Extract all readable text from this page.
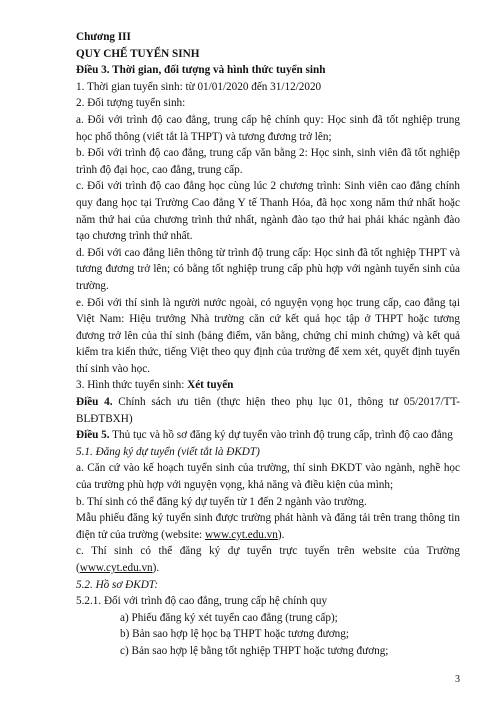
Chương III

QUY CHẾ TUYỂN SINH

Điều 3. Thời gian, đối tượng và hình thức tuyển sinh

1. Thời gian tuyển sinh: từ 01/01/2020 đến 31/12/2020

2. Đối tượng tuyển sinh:

a. Đối với trình độ cao đẳng, trung cấp hệ chính quy: Học sinh đã tốt nghiệp trung học phổ thông (viết tắt là THPT) và tương đương trở lên;

b. Đối với trình độ cao đẳng, trung cấp văn bằng 2: Học sinh, sinh viên đã tốt nghiệp trình độ đại học, cao đẳng, trung cấp.

c. Đối với trình độ cao đẳng học cùng lúc 2 chương trình: Sinh viên cao đẳng chính quy đang học tại Trường Cao đẳng Y tế Thanh Hóa, đã học xong năm thứ nhất hoặc năm thứ hai của chương trình thứ nhất, ngành đào tạo thứ hai phải khác ngành đào tạo chương trình thứ nhất.

d. Đối với cao đẳng liên thông từ trình độ trung cấp: Học sinh đã tốt nghiệp THPT và tương đương trở lên; có bằng tốt nghiệp trung cấp phù hợp với ngành tuyển sinh của trường.

e. Đối với thí sinh là người nước ngoài, có nguyện vọng học trung cấp, cao đẳng tại Việt Nam: Hiệu trưởng Nhà trường căn cứ kết quả học tập ở THPT hoặc tương đương trở lên của thí sinh (bảng điểm, văn bằng, chứng chỉ minh chứng) và kết quả kiểm tra kiến thức, tiếng Việt theo quy định của trường để xem xét, quyết định tuyển thí sinh vào học.

3. Hình thức tuyển sinh: Xét tuyển

Điều 4. Chính sách ưu tiên (thực hiện theo phụ lục 01, thông tư 05/2017/TT-BLĐTBXH)

Điều 5. Thủ tục và hồ sơ đăng ký dự tuyển vào trình độ trung cấp, trình độ cao đẳng

5.1. Đăng ký dự tuyển (viết tắt là ĐKDT)

a. Căn cứ vào kế hoạch tuyển sinh của trường, thí sinh ĐKDT vào ngành, nghề học của trường phù hợp với nguyện vọng, khả năng và điều kiện của mình;

b. Thí sinh có thể đăng ký dự tuyển từ 1 đến 2 ngành vào trường.

Mẫu phiếu đăng ký tuyển sinh được trường phát hành và đăng tải trên trang thông tin điện tử của trường (website: www.cyt.edu.vn).

c. Thí sinh có thể đăng ký dự tuyển trực tuyến trên website của Trường (www.cyt.edu.vn).

5.2. Hồ sơ ĐKDT:

5.2.1. Đối với trình độ cao đẳng, trung cấp hệ chính quy

a) Phiếu đăng ký xét tuyển cao đẳng (trung cấp);

b) Bản sao hợp lệ học bạ THPT hoặc tương đương;

c) Bản sao hợp lệ bằng tốt nghiệp THPT hoặc tương đương;

3
